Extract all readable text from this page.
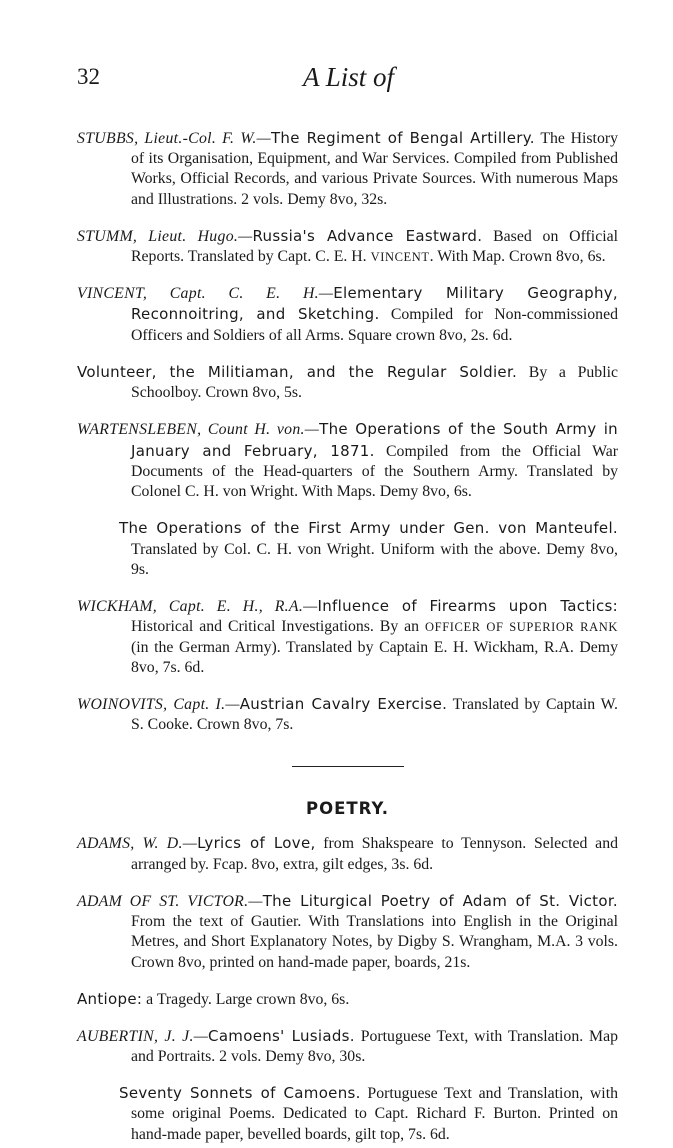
32	A List of

STUBBS, Lieut.-Col. F. W.—The Regiment of Bengal Artillery. The History of its Organisation, Equipment, and War Services. Compiled from Published Works, Official Records, and various Private Sources. With numerous Maps and Illustrations. 2 vols. Demy 8vo, 32s.

STUMM, Lieut. Hugo.—Russia's Advance Eastward. Based on Official Reports. Translated by Capt. C. E. H. VINCENT. With Map. Crown 8vo, 6s.

VINCENT, Capt. C. E. H.—Elementary Military Geography, Reconnoitring, and Sketching. Compiled for Non-commissioned Officers and Soldiers of all Arms. Square crown 8vo, 2s. 6d.

Volunteer, the Militiaman, and the Regular Soldier. By a Public Schoolboy. Crown 8vo, 5s.

WARTENSLEBEN, Count H. von.—The Operations of the South Army in January and February, 1871. Compiled from the Official War Documents of the Head-quarters of the Southern Army. Translated by Colonel C. H. von Wright. With Maps. Demy 8vo, 6s.

The Operations of the First Army under Gen. von Manteufel. Translated by Col. C. H. von Wright. Uniform with the above. Demy 8vo, 9s.

WICKHAM, Capt. E. H., R.A.—Influence of Firearms upon Tactics: Historical and Critical Investigations. By an OFFICER OF SUPERIOR RANK (in the German Army). Translated by Captain E. H. Wickham, R.A. Demy 8vo, 7s. 6d.

WOINOVITS, Capt. I.—Austrian Cavalry Exercise. Translated by Captain W. S. Cooke. Crown 8vo, 7s.

POETRY.

ADAMS, W. D.—Lyrics of Love, from Shakspeare to Tennyson. Selected and arranged by. Fcap. 8vo, extra, gilt edges, 3s. 6d.

ADAM OF ST. VICTOR.—The Liturgical Poetry of Adam of St. Victor. From the text of Gautier. With Translations into English in the Original Metres, and Short Explanatory Notes, by Digby S. Wrangham, M.A. 3 vols. Crown 8vo, printed on hand-made paper, boards, 21s.

Antiope: a Tragedy. Large crown 8vo, 6s.

AUBERTIN, J. J.—Camoens' Lusiads. Portuguese Text, with Translation. Map and Portraits. 2 vols. Demy 8vo, 30s.

Seventy Sonnets of Camoens. Portuguese Text and Translation, with some original Poems. Dedicated to Capt. Richard F. Burton. Printed on hand-made paper, bevelled boards, gilt top, 7s. 6d.
